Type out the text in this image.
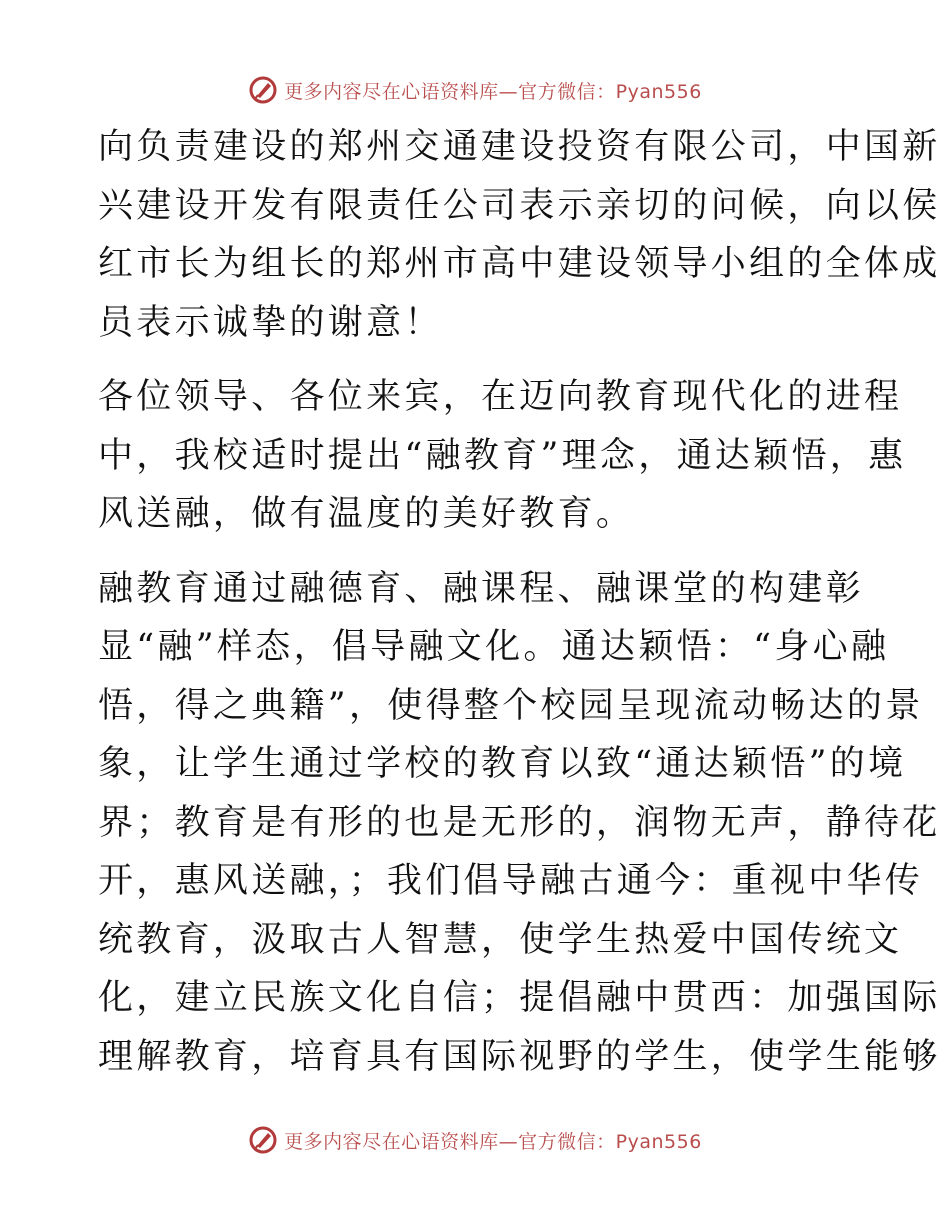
更多内容尽在心语资料库—官方微信：Pyan556

向负责建设的郑州交通建设投资有限公司，中国新
兴建设开发有限责任公司表示亲切的问候，向以侯
红市长为组长的郑州市高中建设领导小组的全体成
员表示诚挚的谢意！

各位领导、各位来宾，在迈向教育现代化的进程
中，我校适时提出“融教育”理念，通达颖悟，惠
风送融，做有温度的美好教育。

融教育通过融德育、融课程、融课堂的构建彰
显“融”样态，倡导融文化。通达颖悟：“身心融
悟，得之典籍”，使得整个校园呈现流动畅达的景
象，让学生通过学校的教育以致“通达颖悟”的境
界；教育是有形的也是无形的，润物无声，静待花
开，惠风送融，；我们倡导融古通今：重视中华传
统教育，汲取古人智慧，使学生热爱中国传统文
化，建立民族文化自信；提倡融中贯西：加强国际
理解教育，培育具有国际视野的学生，使学生能够

更多内容尽在心语资料库—官方微信：Pyan556
